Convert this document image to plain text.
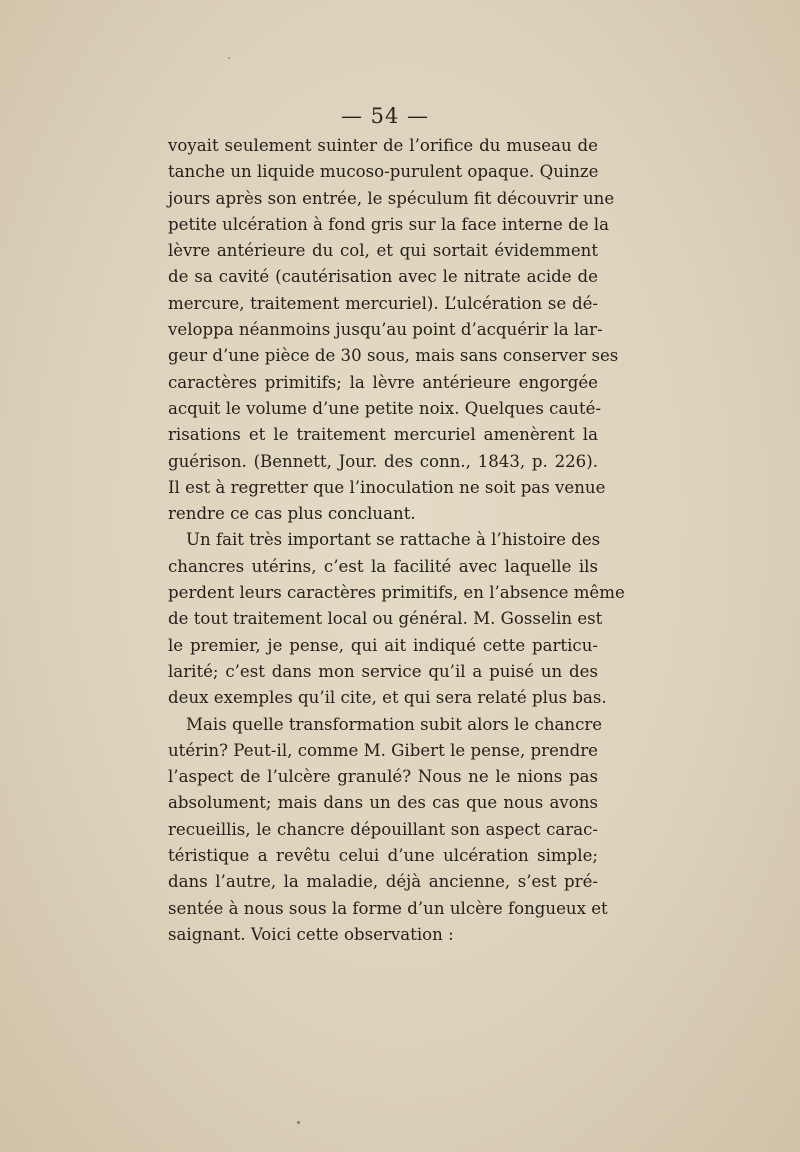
— 54 —
voyait seulement suinter de l’orifice du museau de
tanche un liquide mucoso-purulent opaque. Quinze
jours après son entrée, le spéculum fit découvrir une
petite ulcération à fond gris sur la face interne de la
lèvre antérieure du col, et qui sortait évidemment
de sa cavité (cautérisation avec le nitrate acide de
mercure, traitement mercuriel). L’ulcération se dé-
veloppa néanmoins jusqu’au point d’acquérir la lar-
geur d’une pièce de 30 sous, mais sans conserver ses
caractères primitifs; la lèvre antérieure engorgée
acquit le volume d’une petite noix. Quelques cauté-
risations et le traitement mercuriel amenèrent la
guérison. (Bennett, Jour. des conn., 1843, p. 226).
Il est à regretter que l’inoculation ne soit pas venue
rendre ce cas plus concluant.
Un fait très important se rattache à l’histoire des
chancres utérins, c’est la facilité avec laquelle ils
perdent leurs caractères primitifs, en l’absence même
de tout traitement local ou général. M. Gosselin est
le premier, je pense, qui ait indiqué cette particu-
larité; c’est dans mon service qu’il a puisé un des
deux exemples qu’il cite, et qui sera relaté plus bas.
Mais quelle transformation subit alors le chancre
utérin? Peut-il, comme M. Gibert le pense, prendre
l’aspect de l’ulcère granulé? Nous ne le nions pas
absolument; mais dans un des cas que nous avons
recueillis, le chancre dépouillant son aspect carac-
téristique a revêtu celui d’une ulcération simple;
dans l’autre, la maladie, déjà ancienne, s’est pré-
sentée à nous sous la forme d’un ulcère fongueux et
saignant. Voici cette observation :
